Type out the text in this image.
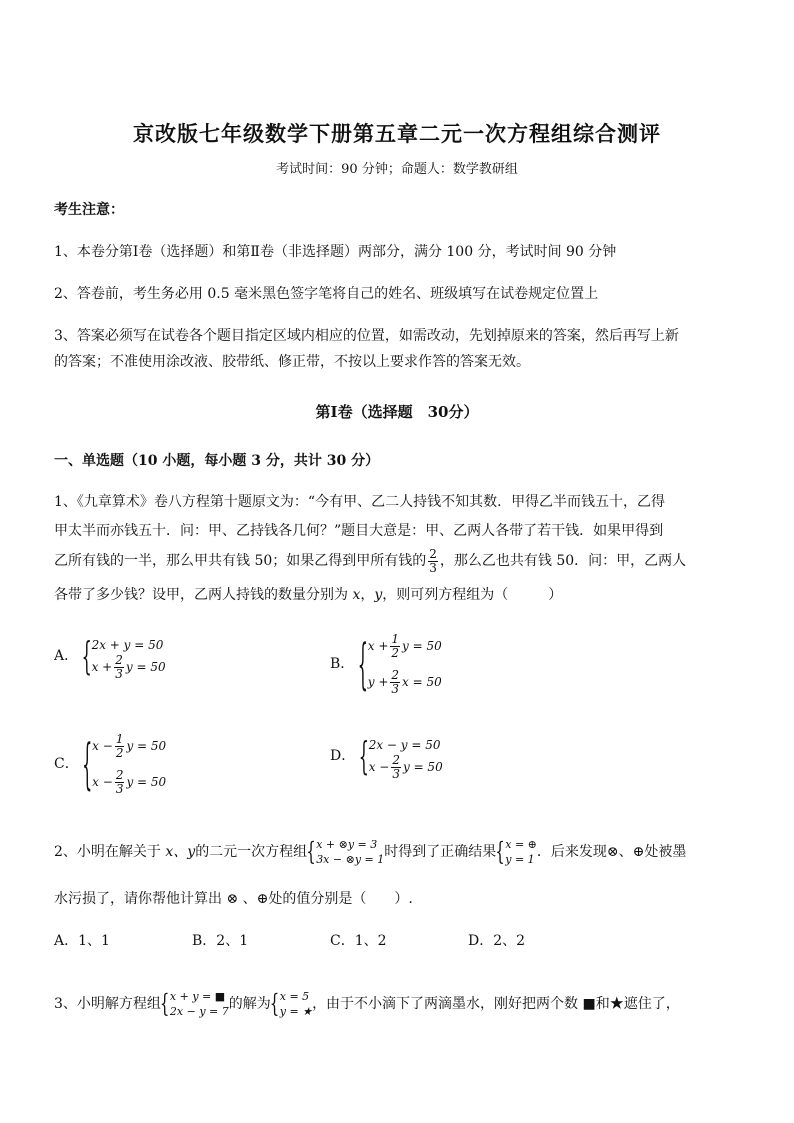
京改版七年级数学下册第五章二元一次方程组综合测评
考试时间：90 分钟；命题人：数学教研组
考生注意：
1、本卷分第Ⅰ卷（选择题）和第Ⅱ卷（非选择题）两部分，满分 100 分，考试时间 90 分钟
2、答卷前，考生务必用 0.5 毫米黑色签字笔将自己的姓名、班级填写在试卷规定位置上
3、答案必须写在试卷各个题目指定区域内相应的位置，如需改动，先划掉原来的答案，然后再写上新
的答案；不准使用涂改液、胶带纸、修正带，不按以上要求作答的答案无效。
第Ⅰ卷（选择题　30分）
一、单选题（10 小题，每小题 3 分，共计 30 分）
1、《九章算术》卷八方程第十题原文为：“今有甲、乙二人持钱不知其数．甲得乙半而钱五十，乙得
甲太半而亦钱五十．问：甲、乙持钱各几何？”题目大意是：甲、乙两人各带了若干钱．如果甲得到
乙所有钱的一半，那么甲共有钱 50；如果乙得到甲所有钱的 $\frac{2}{3}$ ，那么乙也共有钱 50．问：甲，乙两人
各带了多少钱？设甲，乙两人持钱的数量分别为 x，y，则可列方程组为（	）
A．
{ 2x + y = 50
$x + \frac{2}{3}$ y = 50	B．
{ $x + \frac{1}{2}$ y = 50
$y + \frac{2}{3}$ x = 50
C．
{ $x - \frac{1}{2}$ y = 50
$x - \frac{2}{3}$ y = 50
D．
{ 2x − y = 50
$x - \frac{2}{3}$ y = 50
2、小明在解关于 x、y的二元一次方程组 { x + ⊗y = 3
3x − ⊗y = 1 时得到了正确结果 { x = ⊕
y = 1 ．后来发现⊗、⊕处被墨
水污损了，请你帮他计算出 ⊗ 、⊕处的值分别是（　　）.
A．1、1	B．2、1	C．1、2	D．2、2
3、小明解方程组 { x + y = ■
2x − y = 7 的解为 { x = 5
y = ★ ，由于不小滴下了两滴墨水，刚好把两个数 ■和★遮住了，
